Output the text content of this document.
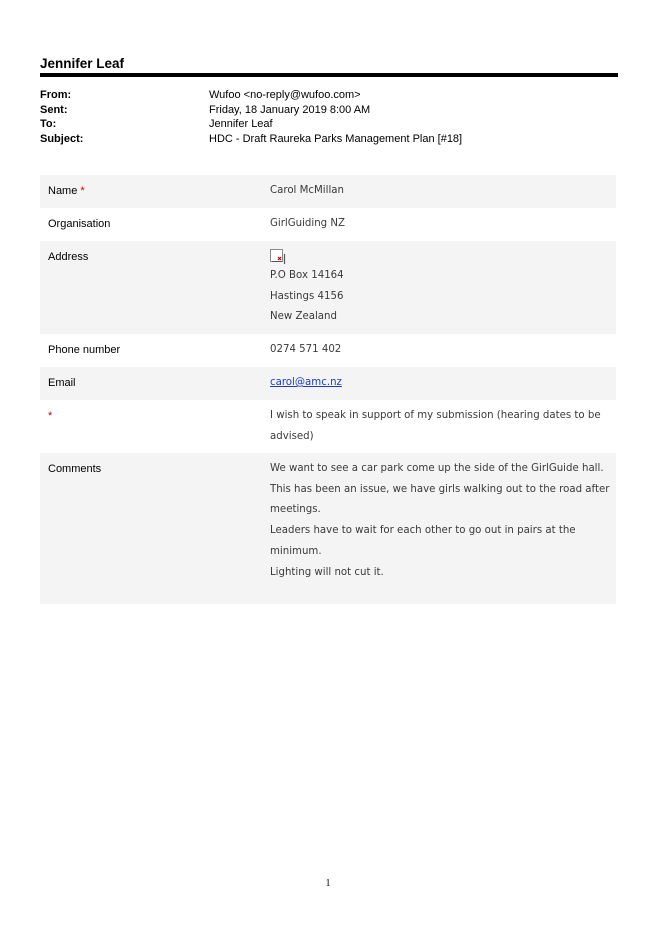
Jennifer Leaf
From:	Wufoo <no-reply@wufoo.com>
Sent:	Friday, 18 January 2019 8:00 AM
To:	Jennifer Leaf
Subject:	HDC - Draft Raureka Parks Management Plan [#18]
Name *	Carol McMillan
Organisation	GirlGuiding NZ
Address
P.O Box 14164
Hastings 4156
New Zealand
Phone number	0274 571 402
Email	carol@amc.nz
*	I wish to speak in support of my submission (hearing dates to be
advised)
Comments	We want to see a car park come up the side of the GirlGuide hall.
This has been an issue, we have girls walking out to the road after
meetings.
Leaders have to wait for each other to go out in pairs at the
minimum.
Lighting will not cut it.
1
